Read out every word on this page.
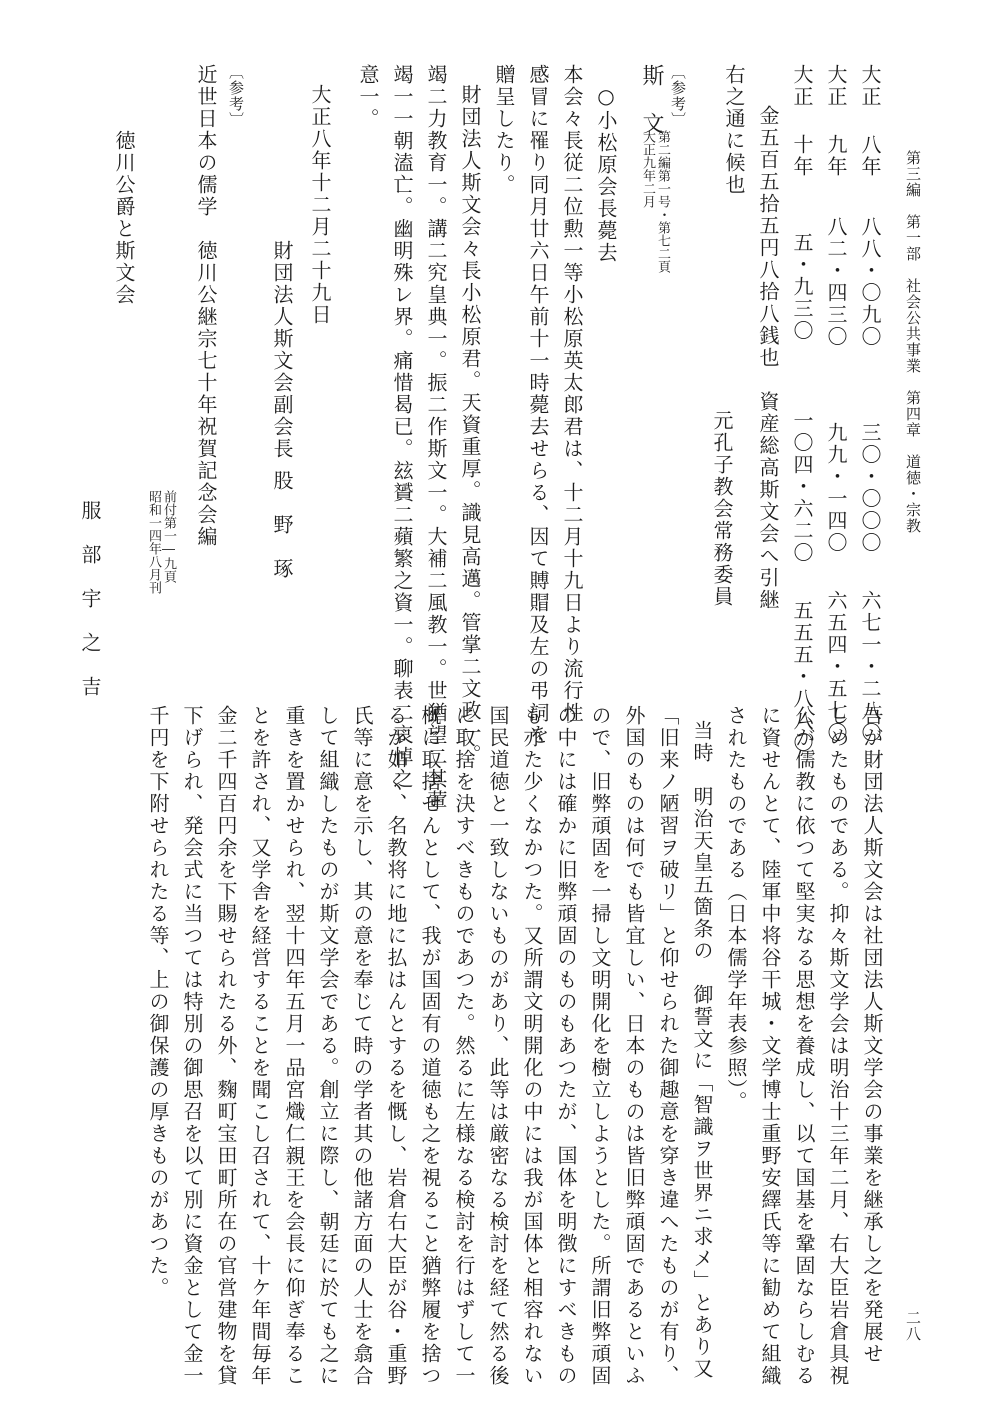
第三編　第一部　社会公共事業　第四章　道徳・宗教
二八
大正 八年八八・〇九〇三〇・〇〇〇六七一・二八〇
大正 九年八二・四三〇九九・一四〇六五四・五七〇
大正 十年五・九三〇一〇四・六二〇五五五・八八〇
金五百五拾五円八拾八銭也　資産総高斯文会へ引継
右之通に候也
元孔子教会常務委員
〔参考〕
斯　文
第二編第一号・第七二頁
大正九年二月
○小松原会長薨去
本会々長従二位勲一等小松原英太郎君は、十二月十九日より流行性
感冒に罹り同月廿六日午前十一時薨去せらる、因て賻賵及左の弔詞を
贈呈したり。
財団法人斯文会々長小松原君。天資重厚。識見高邁。管掌二文政一。
竭二力教育一。講二究皇典一。振二作斯文一。大補二風教一。世猶望二其葷
竭一一朝溘亡。幽明殊レ界。痛惜曷已。玆贇二蘋繁之資一。聊表二哀悼之
意一。
大正八年十二月二十九日
財団法人斯文会副会長股　野　琢
〔参考〕
近世日本の儒学　徳川公継宗七十年祝賀記念会編
前付第一―九頁
昭和一四年八月刊
徳川公爵と斯文会
服　部　宇　之　吉
吾が財団法人斯文会は社団法人斯文学会の事業を継承し之を発展せ
しめたものである。抑々斯文学会は明治十三年二月、右大臣岩倉具視
公が儒教に依つて堅実なる思想を養成し、以て国基を鞏固ならしむる
に資せんとて、陸軍中将谷干城・文学博士重野安繹氏等に勧めて組織
されたものである（日本儒学年表参照）。
当時　明治天皇五箇条の　御誓文に「智識ヲ世界ニ求メ」とあり又
「旧来ノ陋習ヲ破リ」と仰せられた御趣意を穿き違へたものが有り、
外国のものは何でも皆宜しい、日本のものは皆旧弊頑固であるといふ
ので、旧弊頑固を一掃し文明開化を樹立しようとした。所謂旧弊頑固
の中には確かに旧弊頑固のものもあつたが、国体を明徴にすべきもの
も亦た少くなかつた。又所謂文明開化の中には我が国体と相容れない
国民道徳と一致しないものがあり、此等は厳密なる検討を経て然る後
に取捨を決すべきものであつた。然るに左様なる検討を行はずして一
概に取捨せんとして、我が国固有の道徳も之を視ること猶弊履を捨つ
るが如く、名教将に地に払はんとするを慨し、岩倉右大臣が谷・重野
氏等に意を示し、其の意を奉じて時の学者其の他諸方面の人士を翕合
して組織したものが斯文学会である。創立に際し、朝廷に於ても之に
重きを置かせられ、翌十四年五月一品宮熾仁親王を会長に仰ぎ奉るこ
とを許され、又学舎を経営することを聞こし召されて、十ケ年間毎年
金二千四百円余を下賜せられたる外、麴町宝田町所在の官営建物を貸
下げられ、発会式に当つては特別の御思召を以て別に資金として金一
千円を下附せられたる等、上の御保護の厚きものがあつた。
